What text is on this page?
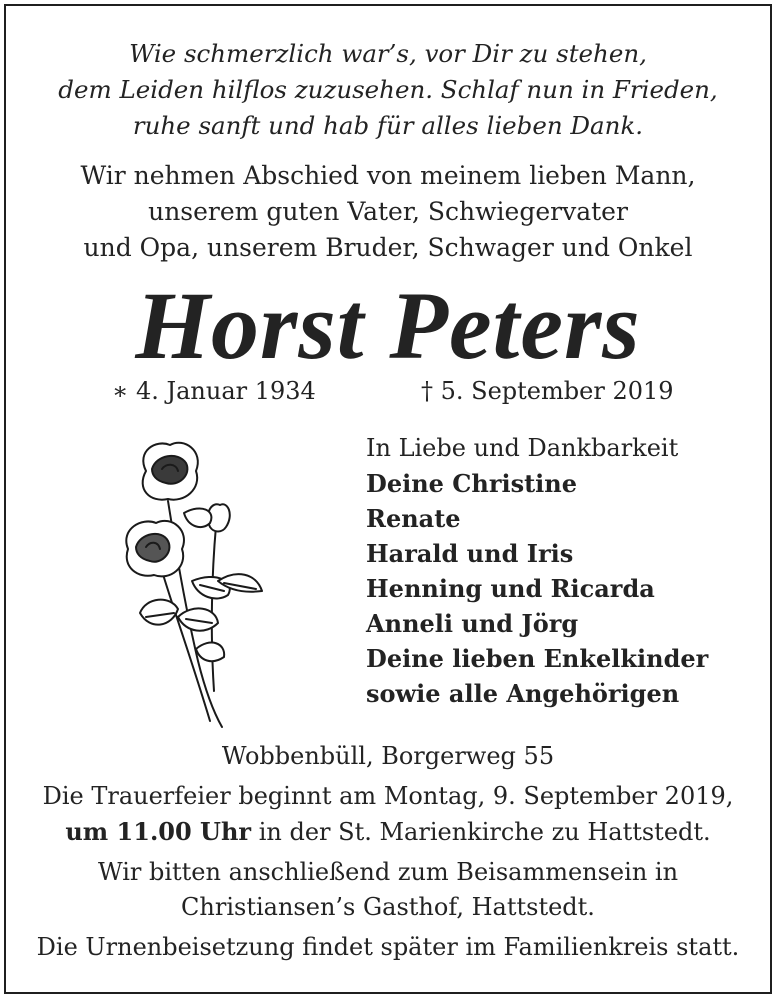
Wie schmerzlich war’s, vor Dir zu stehen,
dem Leiden hilflos zuzusehen. Schlaf nun in Frieden,
ruhe sanft und hab für alles lieben Dank.
Wir nehmen Abschied von meinem lieben Mann,
unserem guten Vater, Schwiegervater
und Opa, unserem Bruder, Schwager und Onkel
Horst Peters
∗ 4. Januar 1934	† 5. September 2019
In Liebe und Dankbarkeit
Deine Christine
Renate
Harald und Iris
Henning und Ricarda
Anneli und Jörg
Deine lieben Enkelkinder
sowie alle Angehörigen
Wobbenbüll, Borgerweg 55
Die Trauerfeier beginnt am Montag, 9. September 2019,
um 11.00 Uhr in der St. Marienkirche zu Hattstedt.
Wir bitten anschließend zum Beisammensein in
Christiansen’s Gasthof, Hattstedt.
Die Urnenbeisetzung findet später im Familienkreis statt.
